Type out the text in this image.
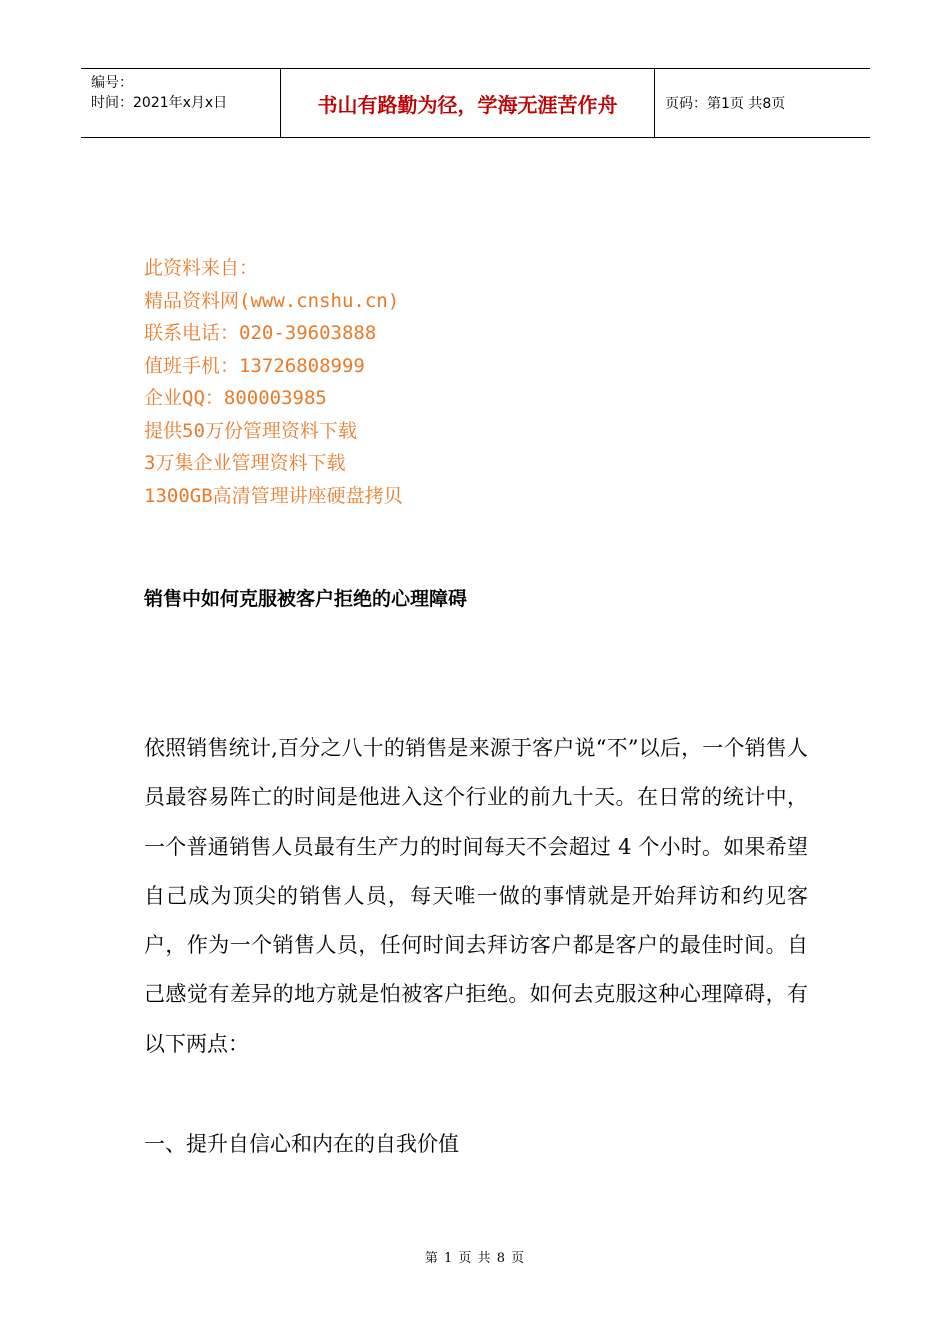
编号：
时间：2021年x月x日	书山有路勤为径，学海无涯苦作舟	页码：第1页 共8页
此资料来自：
精品资料网(www.cnshu.cn)
联系电话：020-39603888
值班手机：13726808999
企业QQ：800003985
提供50万份管理资料下载
3万集企业管理资料下载
1300GB高清管理讲座硬盘拷贝
销售中如何克服被客户拒绝的心理障碍
依照销售统计,百分之八十的销售是来源于客户说“不”以后，一个销售人员最容易阵亡的时间是他进入这个行业的前九十天。在日常的统计中，一个普通销售人员最有生产力的时间每天不会超过 4 个小时。如果希望自己成为顶尖的销售人员，每天唯一做的事情就是开始拜访和约见客户，作为一个销售人员，任何时间去拜访客户都是客户的最佳时间。自己感觉有差异的地方就是怕被客户拒绝。如何去克服这种心理障碍，有以下两点：
一、提升自信心和内在的自我价值
第 1 页 共 8 页
